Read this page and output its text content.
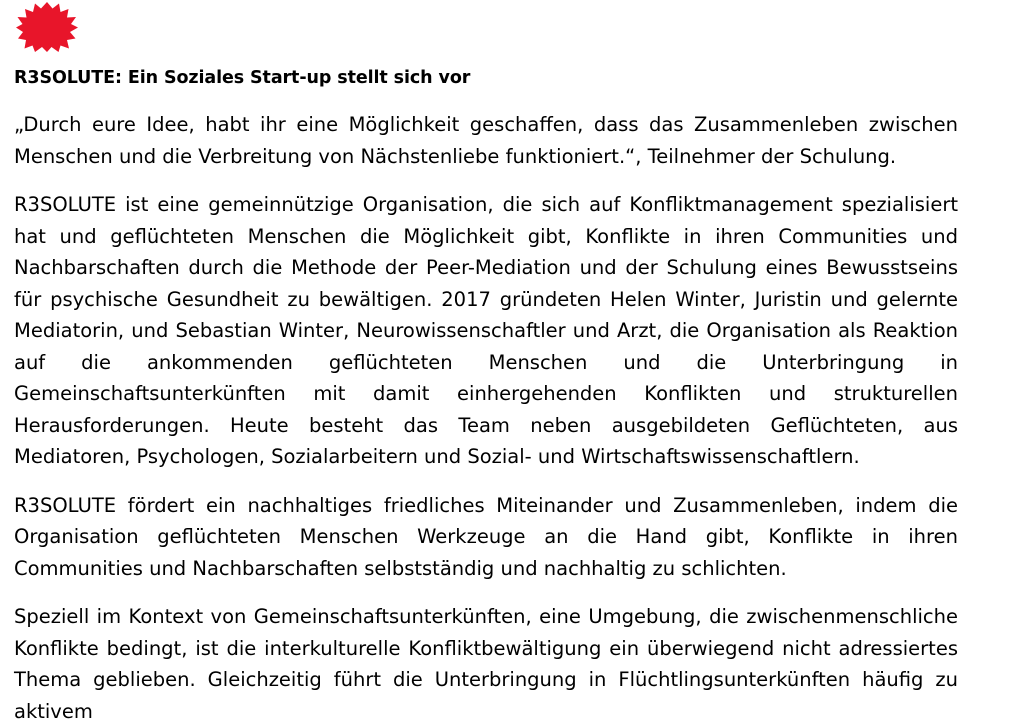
R3SOLUTE: Ein Soziales Start-up stellt sich vor

„Durch eure Idee, habt ihr eine Möglichkeit geschaffen, dass das Zusammenleben zwischen Menschen und die Verbreitung von Nächstenliebe funktioniert.“, Teilnehmer der Schulung.

R3SOLUTE ist eine gemeinnützige Organisation, die sich auf Konfliktmanagement spezialisiert hat und geflüchteten Menschen die Möglichkeit gibt, Konflikte in ihren Communities und Nachbarschaften durch die Methode der Peer-Mediation und der Schulung eines Bewusstseins für psychische Gesundheit zu bewältigen. 2017 gründeten Helen Winter, Juristin und gelernte Mediatorin, und Sebastian Winter, Neurowissenschaftler und Arzt, die Organisation als Reaktion auf die ankommenden geflüchteten Menschen und die Unterbringung in Gemeinschaftsunterkünften mit damit einhergehenden Konflikten und strukturellen Herausforderungen. Heute besteht das Team neben ausgebildeten Geflüchteten, aus Mediatoren, Psychologen, Sozialarbeitern und Sozial- und Wirtschaftswissenschaftlern.

R3SOLUTE fördert ein nachhaltiges friedliches Miteinander und Zusammenleben, indem die Organisation geflüchteten Menschen Werkzeuge an die Hand gibt, Konflikte in ihren Communities und Nachbarschaften selbstständig und nachhaltig zu schlichten.

Speziell im Kontext von Gemeinschaftsunterkünften, eine Umgebung, die zwischenmenschliche Konflikte bedingt, ist die interkulturelle Konfliktbewältigung ein überwiegend nicht adressiertes Thema geblieben. Gleichzeitig führt die Unterbringung in Flüchtlingsunterkünften häufig zu aktivem
